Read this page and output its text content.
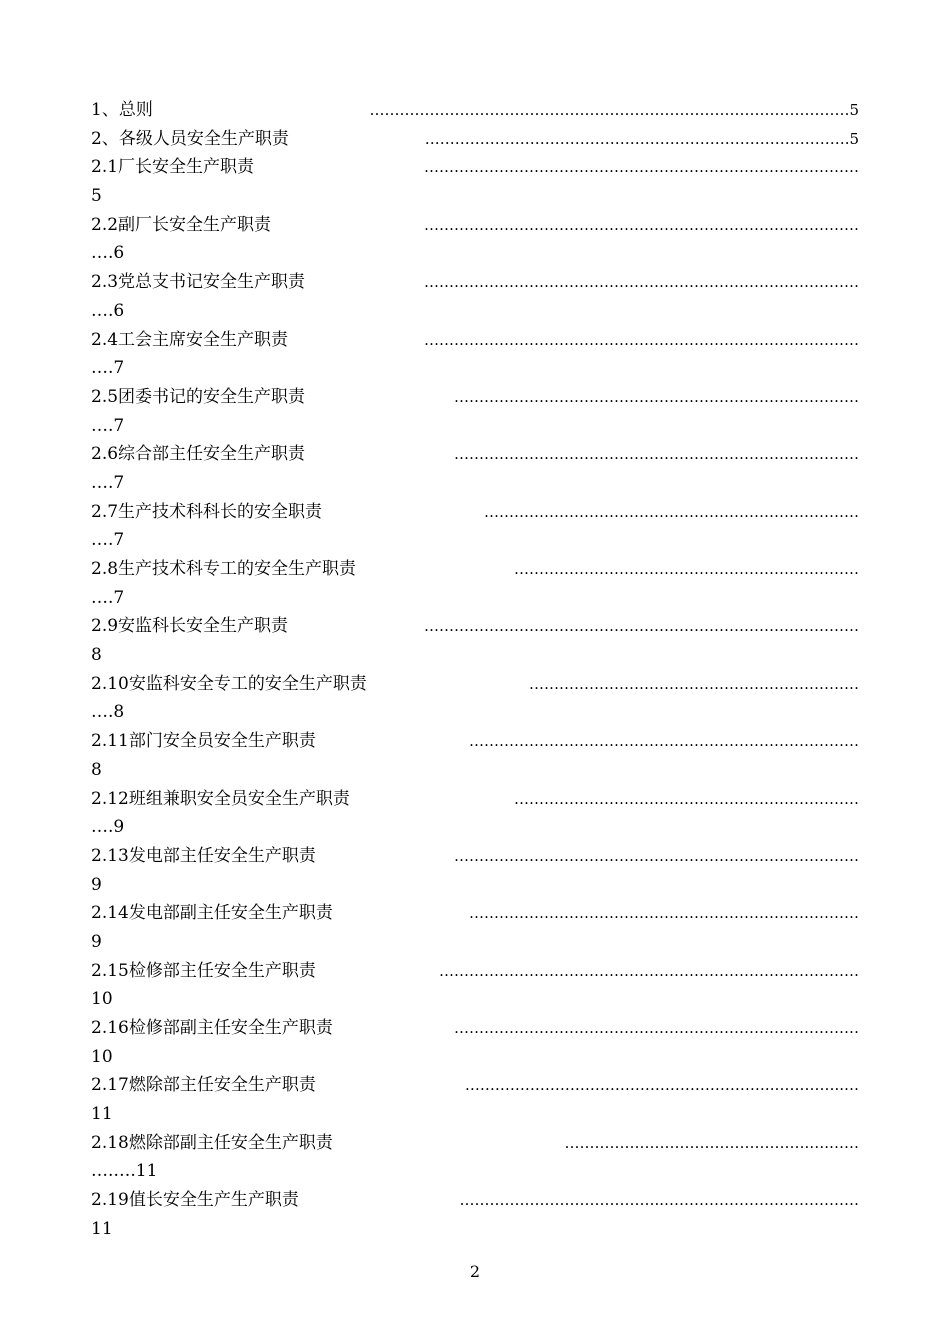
1、总则	……………………………………………………………………………………5
2、各级人员安全生产职责	………………………………………………………………………….5
2.1厂长安全生产职责	……………………………………………………………………………
5
2.2副厂长安全生产职责	……………………………………………………………………………
….6
2.3党总支书记安全生产职责	……………………………………………………………………………
….6
2.4工会主席安全生产职责	……………………………………………………………………………
….7
2.5团委书记的安全生产职责	………………………………………………………………………
….7
2.6综合部主任安全生产职责	………………………………………………………………………
….7
2.7生产技术科科长的安全职责	…………………………………………………………………
….7
2.8生产技术科专工的安全生产职责	……………………………………………………………
….7
2.9安监科长安全生产职责	……………………………………………………………………………
8
2.10安监科安全专工的安全生产职责	…………………………………………………………
….8
2.11部门安全员安全生产职责	……………………………………………………………………
8
2.12班组兼职安全员安全生产职责	……………………………………………………………
….9
2.13发电部主任安全生产职责	………………………………………………………………………
9
2.14发电部副主任安全生产职责	……………………………………………………………………
9
2.15检修部主任安全生产职责	…………………………………………………………………………
10
2.16检修部副主任安全生产职责	………………………………………………………………………
10
2.17燃除部主任安全生产职责	……………………………………………………..…………..…
11
2.18燃除部副主任安全生产职责	………………………………………….….……
….….11
2.19值长安全生产生产职责	…………………………………..…………………………………
11
2
